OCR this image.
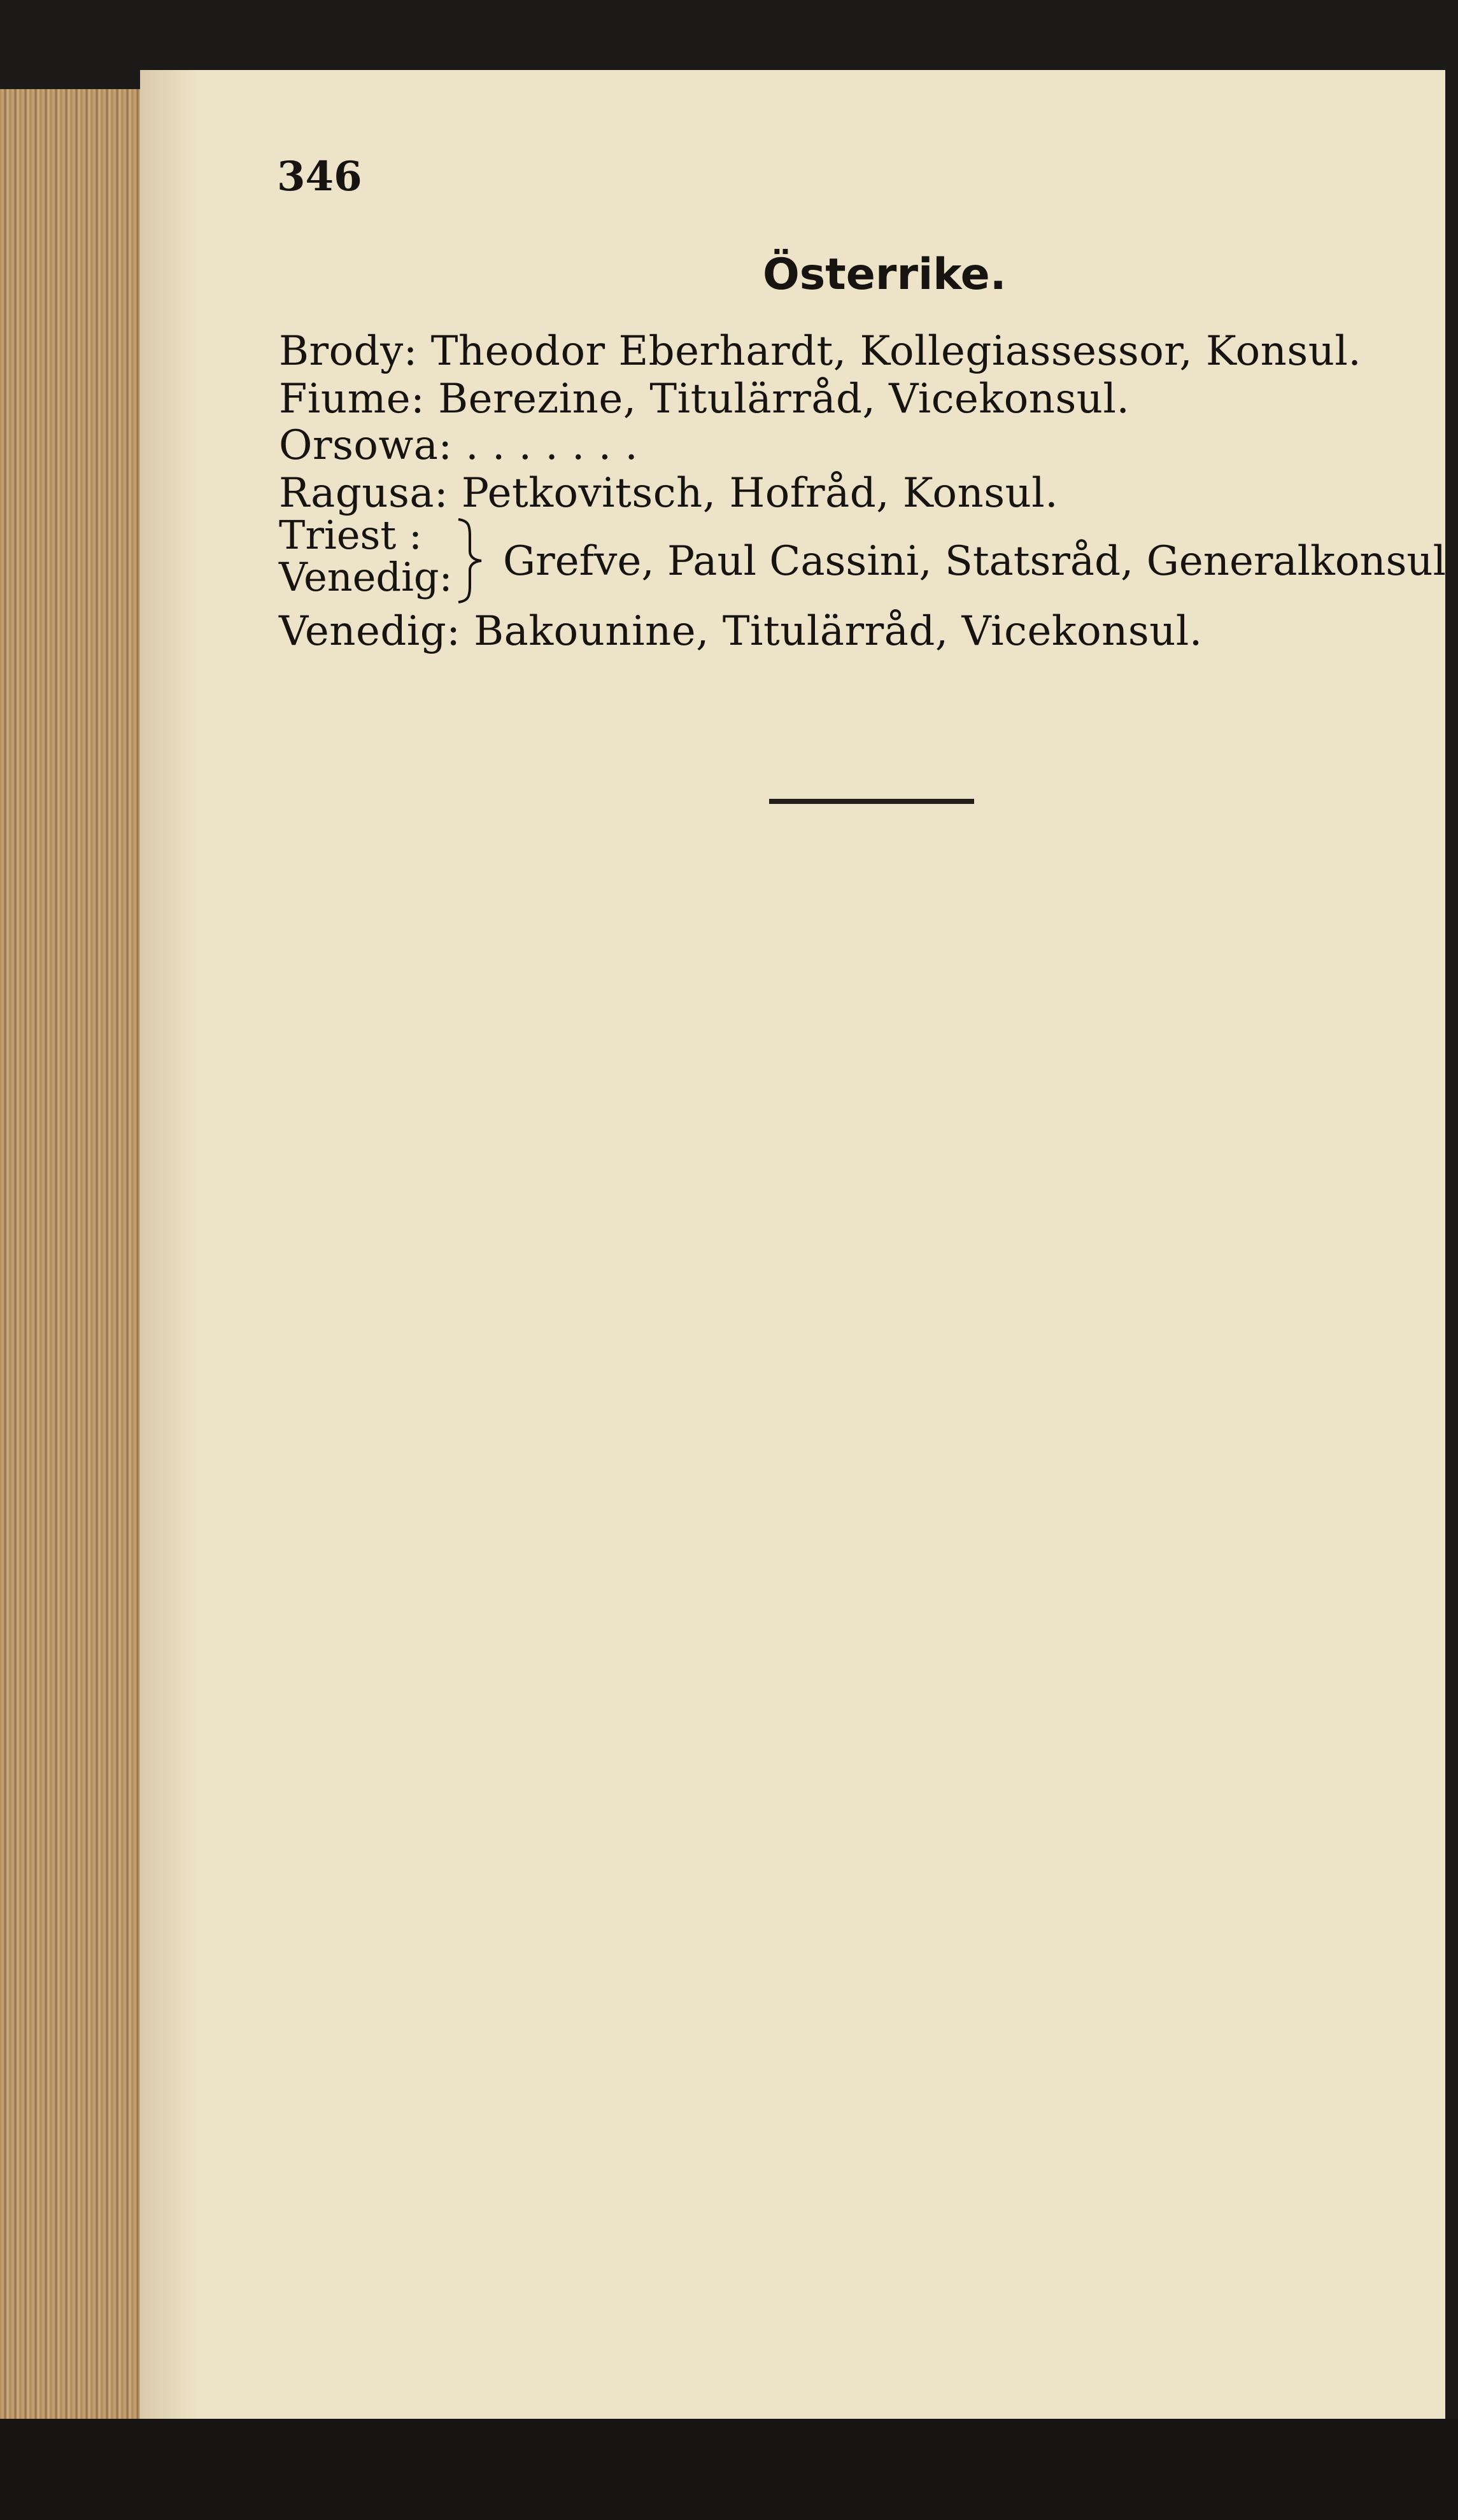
346
Österrike.
Brody: Theodor Eberhardt, Kollegiassessor, Konsul.
Fiume: Berezine, Titulärråd, Vicekonsul.
Orsowa: . . . . . . .
Ragusa: Petkovitsch, Hofråd, Konsul.
Triest :
Venedig: Grefve, Paul Cassini, Statsråd, Generalkonsul
Venedig: Bakounine, Titulärråd, Vicekonsul.
